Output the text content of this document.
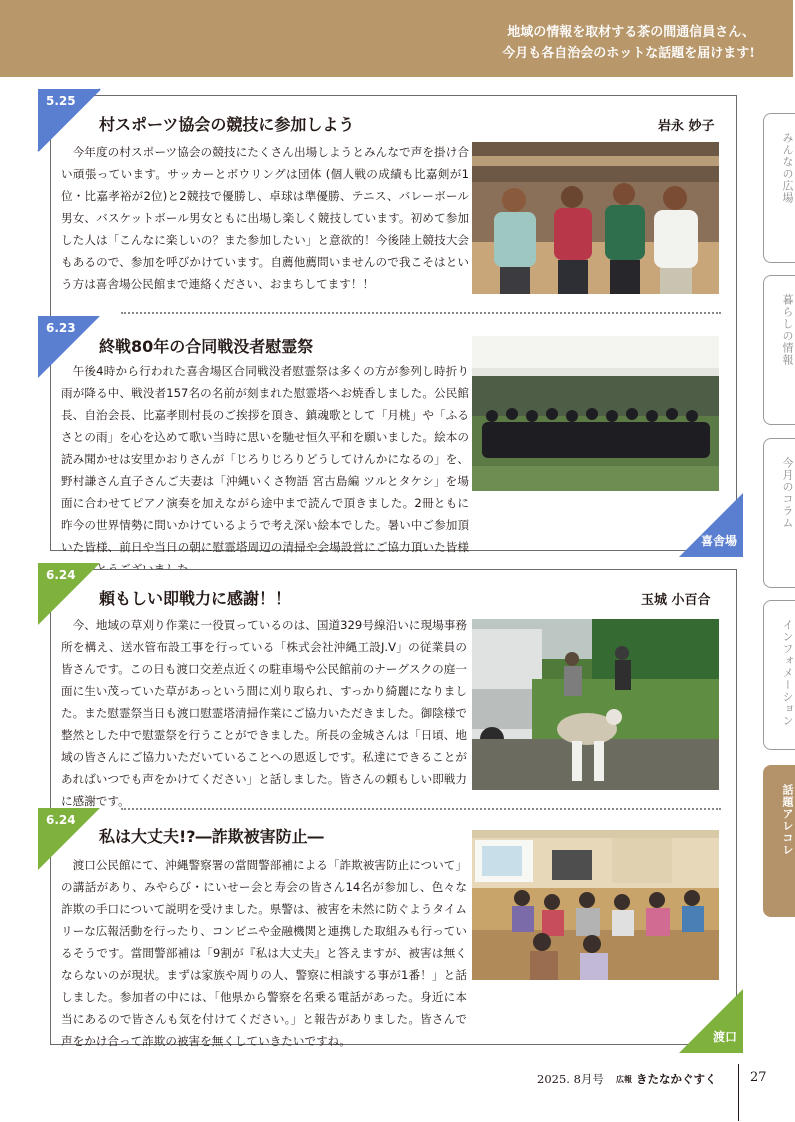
地域の情報を取材する茶の間通信員さん、
今月も各自治会のホットな話題を届けます!
村スポーツ協会の競技に参加しよう	岩永 妙子
今年度の村スポーツ協会の競技にたくさん出場しようとみんなで声を掛け合い頑張っています。サッカーとボウリングは団体 (個人戦の成績も比嘉剣が1位・比嘉孝裕が2位)と2競技で優勝し、卓球は準優勝、テニス、バレーボール男女、バスケットボール男女ともに出場し楽しく競技しています。初めて参加した人は「こんなに楽しいの？また参加したい」と意欲的！今後陸上競技大会もあるので、参加を呼びかけています。自薦他薦問いませんので我こそはという方は喜舎場公民館まで連絡ください、おまちしてます！！
終戦80年の合同戦没者慰霊祭
午後4時から行われた喜舎場区合同戦没者慰霊祭は多くの方が参列し時折り雨が降る中、戦没者157名の名前が刻まれた慰霊塔へお焼香しました。公民館長、自治会長、比嘉孝則村長のご挨拶を頂き、鎮魂歌として「月桃」や「ふるさとの雨」を心を込めて歌い当時に思いを馳せ恒久平和を願いました。絵本の読み聞かせは安里かおりさんが「じろりじろりどうしてけんかになるの」を、野村謙さん直子さんご夫妻は「沖縄いくさ物語 宮古島編 ツルとタケシ」を場面に合わせてピアノ演奏を加えながら途中まで読んで頂きました。2冊ともに昨今の世界情勢に問いかけているようで考え深い絵本でした。暑い中ご参加頂いた皆様、前日や当日の朝に慰霊塔周辺の清掃や会場設営にご協力頂いた皆様
頼もしい即戦力に感謝！！	玉城 小百合
今、地域の草刈り作業に一役買っているのは、国道329号線沿いに現場事務所を構え、送水管布設工事を行っている「株式会社沖縄工設J.V」の従業員の皆さんです。この日も渡口交差点近くの駐車場や公民館前のナーグスクの庭一面に生い茂っていた草があっという間に刈り取られ、すっかり綺麗になりました。また慰霊祭当日も渡口慰霊塔清掃作業にご協力いただきました。御陰様で整然とした中で慰霊祭を行うことができました。所長の金城さんは「日頃、地域の皆さんにご協力いただいていることへの恩返しです。私達にできることがあればいつでも声をかけてください」と話しました。皆さんの頼もしい即戦力に感謝です。
私は大丈夫!?―詐欺被害防止―
渡口公民館にて、沖縄警察署の當間警部補による「詐欺被害防止について」の講話があり、みやらび・にいせー会と寿会の皆さん14名が参加し、色々な詐欺の手口について説明を受けました。県警は、被害を未然に防ぐようタイムリーな広報活動を行ったり、コンビニや金融機関と連携した取組みも行っているそうです。當間警部補は「9割が『私は大丈夫』と答えますが、被害は無くならないのが現状。まずは家族や周りの人、警察に相談する事が1番！」と話しました。参加者の中には、「他県から警察を名乗る電話があった。身近に本当にあるので皆さんも気を付けてください。」と報告がありました。皆さんで声をかけ合って詐欺の被害を無くしていきたいですね。
5.25
6.23
6.24
6.24
喜舎場
渡口
みんなの広場
暮らしの情報
今月のコラム
インフォメーション
話題アレコレ
2025. 8月号 広報 きたなかぐすく	27
